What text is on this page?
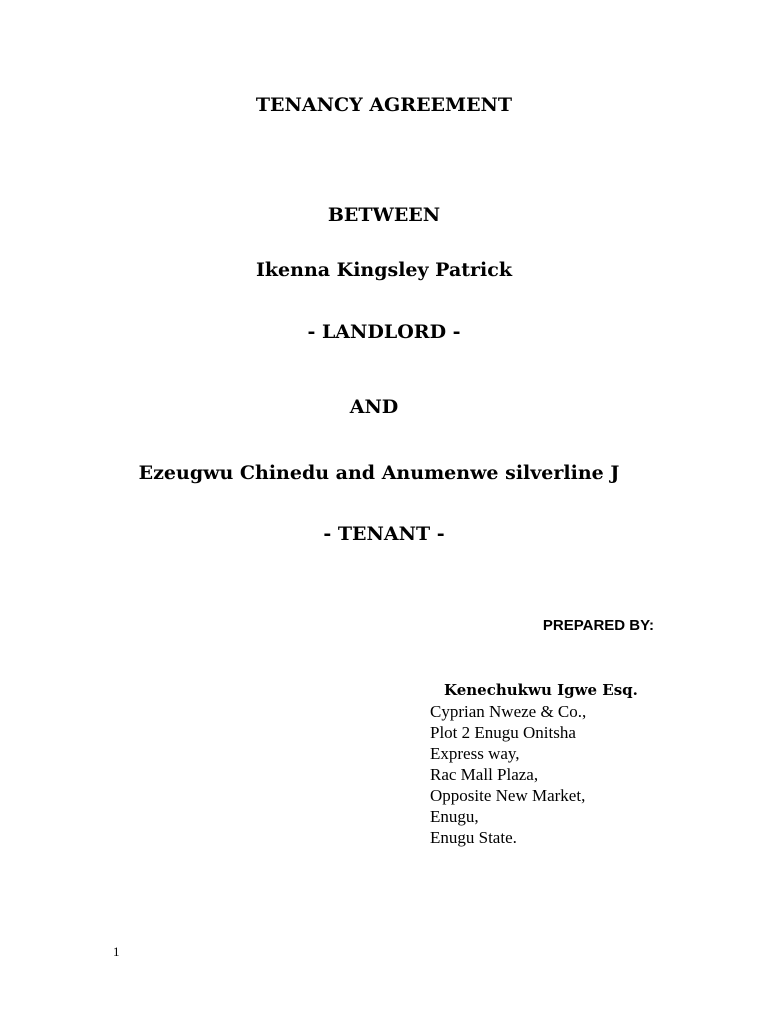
TENANCY AGREEMENT
BETWEEN
Ikenna Kingsley Patrick
- LANDLORD -
AND
Ezeugwu Chinedu and Anumenwe silverline J
- TENANT -
PREPARED BY:
Kenechukwu Igwe Esq.
Cyprian Nweze & Co.,
Plot 2 Enugu Onitsha
Express way,
Rac Mall Plaza,
Opposite New Market,
Enugu,
Enugu State.
1
